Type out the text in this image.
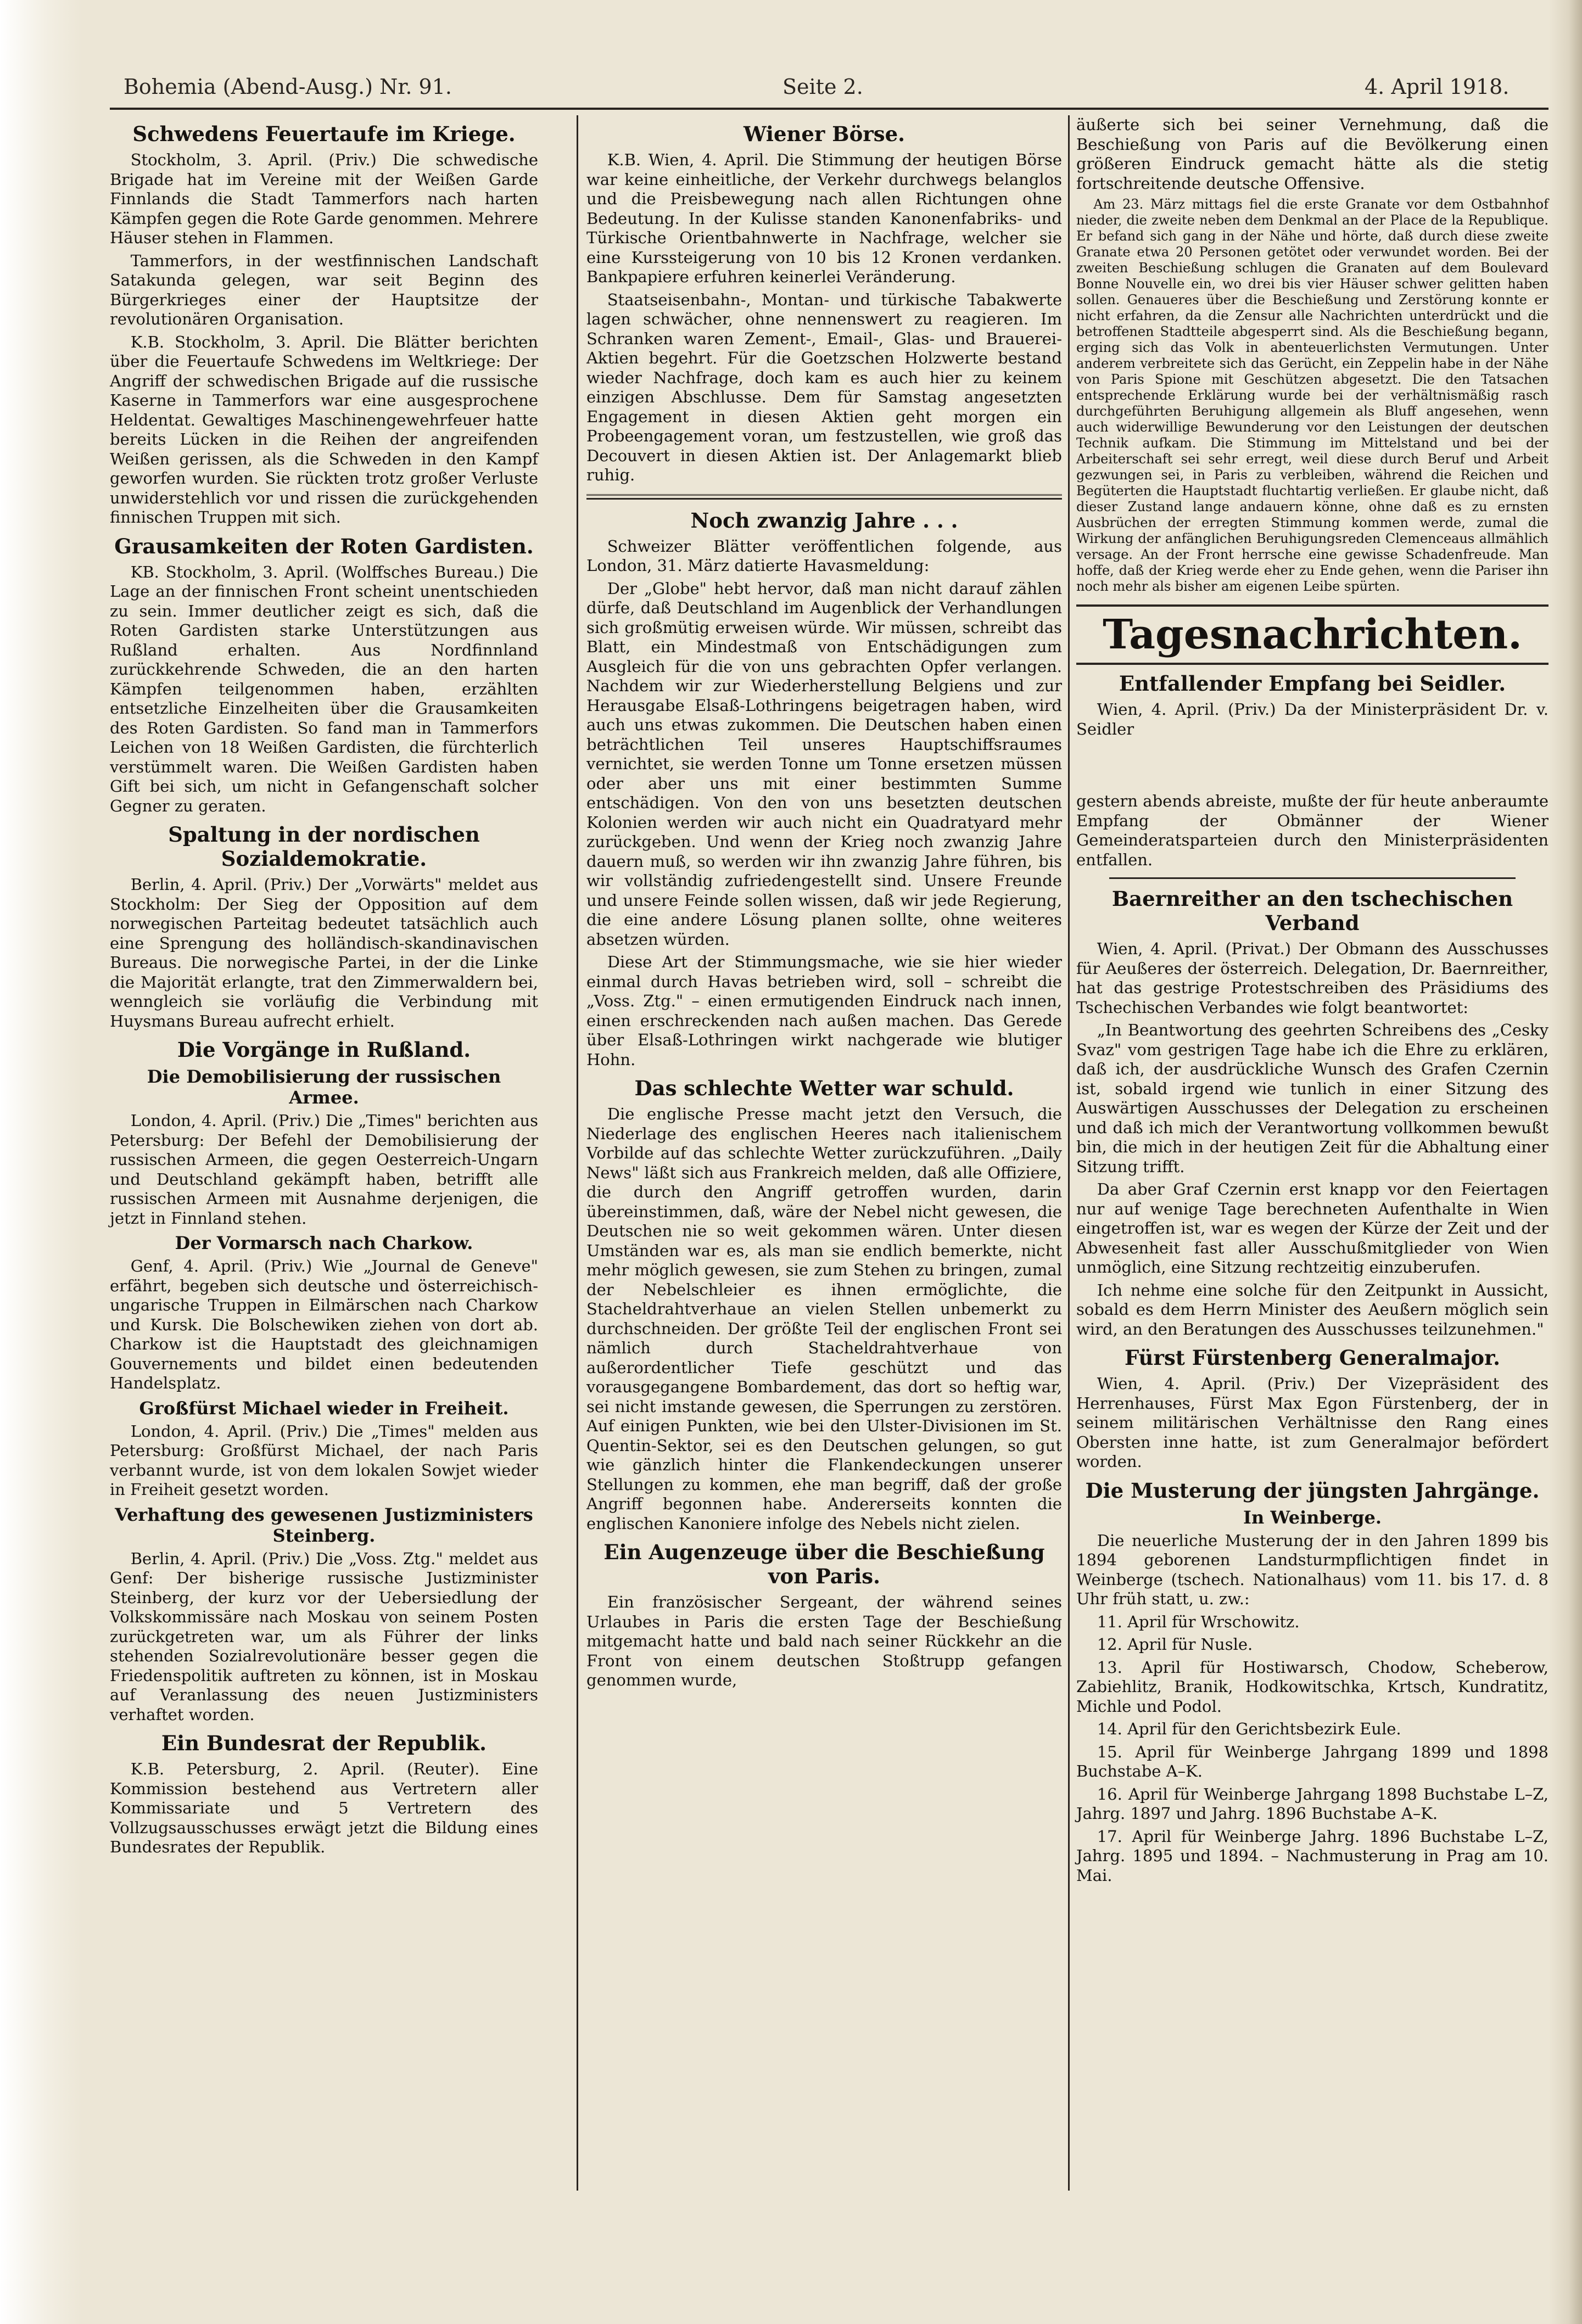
Bohemia (Abend-Ausg.) Nr. 91.	Seite 2.	4. April 1918.
Schwedens Feuertaufe im Kriege.

Stockholm, 3. April. (Priv.) Die schwedische Brigade hat im Vereine mit der Weißen Garde Finnlands die Stadt Tammerfors nach harten Kämpfen gegen die Rote Garde genommen. Mehrere Häuser stehen in Flammen.

Tammerfors, in der westfinnischen Landschaft Satakunda gelegen, war seit Beginn des Bürgerkrieges einer der Hauptsitze der revolutionären Organisation.

K.B. Stockholm, 3. April. Die Blätter berichten über die Feuertaufe Schwedens im Weltkriege: Der Angriff der schwedischen Brigade auf die russische Kaserne in Tammerfors war eine ausgesprochene Heldentat. Gewaltiges Maschinengewehrfeuer hatte bereits Lücken in die Reihen der angreifenden Weißen gerissen, als die Schweden in den Kampf geworfen wurden. Sie rückten trotz großer Verluste unwiderstehlich vor und rissen die zurückgehenden finnischen Truppen mit sich.

Grausamkeiten der Roten Gardisten.

KB. Stockholm, 3. April. (Wolffsches Bureau.) Die Lage an der finnischen Front scheint unentschieden zu sein. Immer deutlicher zeigt es sich, daß die Roten Gardisten starke Unterstützungen aus Rußland erhalten. Aus Nordfinnland zurückkehrende Schweden, die an den harten Kämpfen teilgenommen haben, erzählten entsetzliche Einzelheiten über die Grausamkeiten des Roten Gardisten. So fand man in Tammerfors Leichen von 18 Weißen Gardisten, die fürchterlich verstümmelt waren. Die Weißen Gardisten haben Gift bei sich, um nicht in Gefangenschaft solcher Gegner zu geraten.

Spaltung in der nordischen Sozialdemokratie.

Berlin, 4. April. (Priv.) Der „Vorwärts" meldet aus Stockholm: Der Sieg der Opposition auf dem norwegischen Parteitag bedeutet tatsächlich auch eine Sprengung des holländisch-skandinavischen Bureaus. Die norwegische Partei, in der die Linke die Majorität erlangte, trat den Zimmerwaldern bei, wenngleich sie vorläufig die Verbindung mit Huysmans Bureau aufrecht erhielt.

Die Vorgänge in Rußland.
Die Demobilisierung der russischen Armee.

London, 4. April. (Priv.) Die „Times" berichten aus Petersburg: Der Befehl der Demobilisierung der russischen Armeen, die gegen Oesterreich-Ungarn und Deutschland gekämpft haben, betrifft alle russischen Armeen mit Ausnahme derjenigen, die jetzt in Finnland stehen.

Der Vormarsch nach Charkow.

Genf, 4. April. (Priv.) Wie „Journal de Geneve" erfährt, begeben sich deutsche und österreichisch-ungarische Truppen in Eilmärschen nach Charkow und Kursk. Die Bolschewiken ziehen von dort ab. Charkow ist die Hauptstadt des gleichnamigen Gouvernements und bildet einen bedeutenden Handelsplatz.

Großfürst Michael wieder in Freiheit.

London, 4. April. (Priv.) Die „Times" melden aus Petersburg: Großfürst Michael, der nach Paris verbannt wurde, ist von dem lokalen Sowjet wieder in Freiheit gesetzt worden.

Verhaftung des gewesenen Justizministers Steinberg.

Berlin, 4. April. (Priv.) Die „Voss. Ztg." meldet aus Genf: Der bisherige russische Justizminister Steinberg, der kurz vor der Uebersiedlung der Volkskommissäre nach Moskau von seinem Posten zurückgetreten war, um als Führer der links stehenden Sozialrevolutionäre besser gegen die Friedenspolitik auftreten zu können, ist in Moskau auf Veranlassung des neuen Justizministers verhaftet worden.

Ein Bundesrat der Republik.

K.B. Petersburg, 2. April. (Reuter). Eine Kommission bestehend aus Vertretern aller Kommissariate und 5 Vertretern des Vollzugsausschusses erwägt jetzt die Bildung eines Bundesrates der Republik.

Wiener Börse.

K.B. Wien, 4. April. Die Stimmung der heutigen Börse war keine einheitliche, der Verkehr durchwegs belanglos und die Preisbewegung nach allen Richtungen ohne Bedeutung. In der Kulisse standen Kanonenfabriks- und Türkische Orientbahnwerte in Nachfrage, welcher sie eine Kurssteigerung von 10 bis 12 Kronen verdanken. Bankpapiere erfuhren keinerlei Veränderung.

Staatseisenbahn-, Montan- und türkische Tabakwerte lagen schwächer, ohne nennenswert zu reagieren. Im Schranken waren Zement-, Email-, Glas- und Brauerei-Aktien begehrt. Für die Goetzschen Holzwerte bestand wieder Nachfrage, doch kam es auch hier zu keinem einzigen Abschlusse. Dem für Samstag angesetzten Engagement in diesen Aktien geht morgen ein Probeengagement voran, um festzustellen, wie groß das Decouvert in diesen Aktien ist. Der Anlagemarkt blieb ruhig.

Noch zwanzig Jahre . . .

Schweizer Blätter veröffentlichen folgende, aus London, 31. März datierte Havasmeldung:

Der „Globe" hebt hervor, daß man nicht darauf zählen dürfe, daß Deutschland im Augenblick der Verhandlungen sich großmütig erweisen würde. Wir müssen, schreibt das Blatt, ein Mindestmaß von Entschädigungen zum Ausgleich für die von uns gebrachten Opfer verlangen. Nachdem wir zur Wiederherstellung Belgiens und zur Herausgabe Elsaß-Lothringens beigetragen haben, wird auch uns etwas zukommen. Die Deutschen haben einen beträchtlichen Teil unseres Hauptschiffsraumes vernichtet, sie werden Tonne um Tonne ersetzen müssen oder aber uns mit einer bestimmten Summe entschädigen. Von den von uns besetzten deutschen Kolonien werden wir auch nicht ein Quadratyard mehr zurückgeben. Und wenn der Krieg noch zwanzig Jahre dauern muß, so werden wir ihn zwanzig Jahre führen, bis wir vollständig zufriedengestellt sind. Unsere Freunde und unsere Feinde sollen wissen, daß wir jede Regierung, die eine andere Lösung planen sollte, ohne weiteres absetzen würden.

Diese Art der Stimmungsmache, wie sie hier wieder einmal durch Havas betrieben wird, soll – schreibt die „Voss. Ztg." – einen ermutigenden Eindruck nach innen, einen erschreckenden nach außen machen. Das Gerede über Elsaß-Lothringen wirkt nachgerade wie blutiger Hohn.

Das schlechte Wetter war schuld.

Die englische Presse macht jetzt den Versuch, die Niederlage des englischen Heeres nach italienischem Vorbilde auf das schlechte Wetter zurückzuführen. „Daily News" läßt sich aus Frankreich melden, daß alle Offiziere, die durch den Angriff getroffen wurden, darin übereinstimmen, daß, wäre der Nebel nicht gewesen, die Deutschen nie so weit gekommen wären. Unter diesen Umständen war es, als man sie endlich bemerkte, nicht mehr möglich gewesen, sie zum Stehen zu bringen, zumal der Nebelschleier es ihnen ermöglichte, die Stacheldrahtverhaue an vielen Stellen unbemerkt zu durchschneiden. Der größte Teil der englischen Front sei nämlich durch Stacheldrahtverhaue von außerordentlicher Tiefe geschützt und das vorausgegangene Bombardement, das dort so heftig war, sei nicht imstande gewesen, die Sperrungen zu zerstören. Auf einigen Punkten, wie bei den Ulster-Divisionen im St. Quentin-Sektor, sei es den Deutschen gelungen, so gut wie gänzlich hinter die Flankendeckungen unserer Stellungen zu kommen, ehe man begriff, daß der große Angriff begonnen habe. Andererseits konnten die englischen Kanoniere infolge des Nebels nicht zielen.

Ein Augenzeuge über die Beschießung von Paris.

Ein französischer Sergeant, der während seines Urlaubes in Paris die ersten Tage der Beschießung mitgemacht hatte und bald nach seiner Rückkehr an die Front von einem deutschen Stoßtrupp gefangen genommen wurde,

äußerte sich bei seiner Vernehmung, daß die Beschießung von Paris auf die Bevölkerung einen größeren Eindruck gemacht hätte als die stetig fortschreitende deutsche Offensive.

Am 23. März mittags fiel die erste Granate vor dem Ostbahnhof nieder, die zweite neben dem Denkmal an der Place de la Republique. Er befand sich gang in der Nähe und hörte, daß durch diese zweite Granate etwa 20 Personen getötet oder verwundet worden. Bei der zweiten Beschießung schlugen die Granaten auf dem Boulevard Bonne Nouvelle ein, wo drei bis vier Häuser schwer gelitten haben sollen. Genaueres über die Beschießung und Zerstörung konnte er nicht erfahren, da die Zensur alle Nachrichten unterdrückt und die betroffenen Stadtteile abgesperrt sind. Als die Beschießung begann, erging sich das Volk in abenteuerlichsten Vermutungen. Unter anderem verbreitete sich das Gerücht, ein Zeppelin habe in der Nähe von Paris Spione mit Geschützen abgesetzt. Die den Tatsachen entsprechende Erklärung wurde bei der verhältnismäßig rasch durchgeführten Beruhigung allgemein als Bluff angesehen, wenn auch widerwillige Bewunderung vor den Leistungen der deutschen Technik aufkam. Die Stimmung im Mittelstand und bei der Arbeiterschaft sei sehr erregt, weil diese durch Beruf und Arbeit gezwungen sei, in Paris zu verbleiben, während die Reichen und Begüterten die Hauptstadt fluchtartig verließen. Er glaube nicht, daß dieser Zustand lange andauern könne, ohne daß es zu ernsten Ausbrüchen der erregten Stimmung kommen werde, zumal die Wirkung der anfänglichen Beruhigungsreden Clemenceaus allmählich versage. An der Front herrsche eine gewisse Schadenfreude. Man hoffe, daß der Krieg werde eher zu Ende gehen, wenn die Pariser ihn noch mehr als bisher am eigenen Leibe spürten.

Tagesnachrichten.
Entfallender Empfang bei Seidler.

Wien, 4. April. (Priv.) Da der Ministerpräsident Dr. v. Seidler

gestern abends abreiste, mußte der für heute anberaumte Empfang der Obmänner der Wiener Gemeinderatsparteien durch den Ministerpräsidenten entfallen.

Baernreither an den tschechischen Verband

Wien, 4. April. (Privat.) Der Obmann des Ausschusses für Aeußeres der österreich. Delegation, Dr. Baernreither, hat das gestrige Protestschreiben des Präsidiums des Tschechischen Verbandes wie folgt beantwortet:

„In Beantwortung des geehrten Schreibens des „Cesky Svaz" vom gestrigen Tage habe ich die Ehre zu erklären, daß ich, der ausdrückliche Wunsch des Grafen Czernin ist, sobald irgend wie tunlich in einer Sitzung des Auswärtigen Ausschusses der Delegation zu erscheinen und daß ich mich der Verantwortung vollkommen bewußt bin, die mich in der heutigen Zeit für die Abhaltung einer Sitzung trifft.

Da aber Graf Czernin erst knapp vor den Feiertagen nur auf wenige Tage berechneten Aufenthalte in Wien eingetroffen ist, war es wegen der Kürze der Zeit und der Abwesenheit fast aller Ausschußmitglieder von Wien unmöglich, eine Sitzung rechtzeitig einzuberufen.

Ich nehme eine solche für den Zeitpunkt in Aussicht, sobald es dem Herrn Minister des Aeußern möglich sein wird, an den Beratungen des Ausschusses teilzunehmen."

Fürst Fürstenberg Generalmajor.

Wien, 4. April. (Priv.) Der Vizepräsident des Herrenhauses, Fürst Max Egon Fürstenberg, der in seinem militärischen Verhältnisse den Rang eines Obersten inne hatte, ist zum Generalmajor befördert worden.

Die Musterung der jüngsten Jahrgänge.
In Weinberge.

Die neuerliche Musterung der in den Jahren 1899 bis 1894 geborenen Landsturmpflichtigen findet in Weinberge (tschech. Nationalhaus) vom 11. bis 17. d. 8 Uhr früh statt, u. zw.:

11. April für Wrschowitz.

12. April für Nusle.

13. April für Hostiwarsch, Chodow, Scheberow, Zabiehlitz, Branik, Hodkowitschka, Krtsch, Kundratitz, Michle und Podol.

14. April für den Gerichtsbezirk Eule.

15. April für Weinberge Jahrgang 1899 und 1898 Buchstabe A–K.

16. April für Weinberge Jahrgang 1898 Buchstabe L–Z, Jahrg. 1897 und Jahrg. 1896 Buchstabe A–K.

17. April für Weinberge Jahrg. 1896 Buchstabe L–Z, Jahrg. 1895 und 1894. – Nachmusterung in Prag am 10. Mai.
